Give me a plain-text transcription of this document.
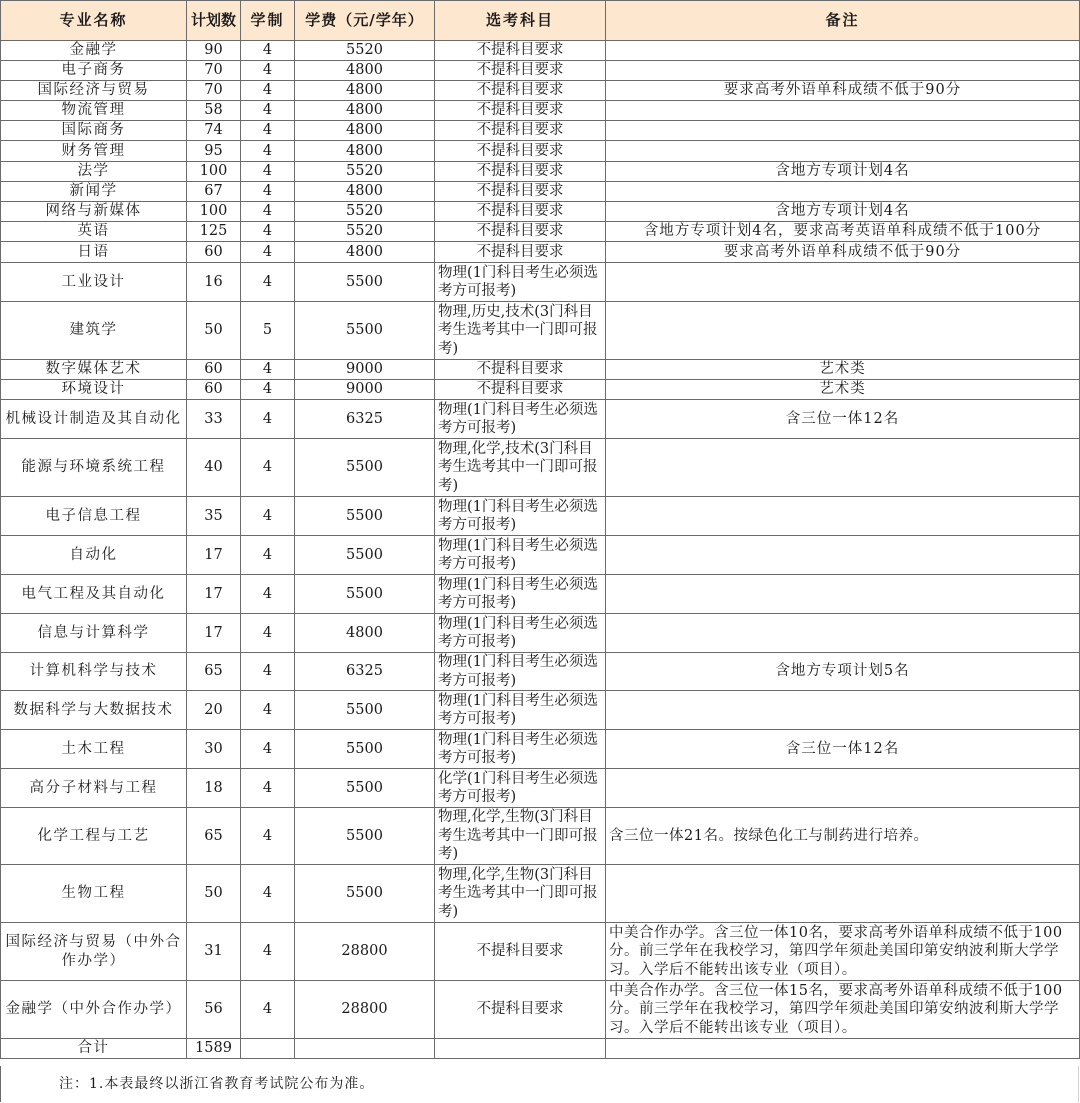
专业名称	计划数	学制	学费（元/学年）	选考科目	备注
金融学	90	4	5520	不提科目要求	
电子商务	70	4	4800	不提科目要求	
国际经济与贸易	70	4	4800	不提科目要求	要求高考外语单科成绩不低于90分
物流管理	58	4	4800	不提科目要求	
国际商务	74	4	4800	不提科目要求	
财务管理	95	4	4800	不提科目要求	
法学	100	4	5520	不提科目要求	含地方专项计划4名
新闻学	67	4	4800	不提科目要求	
网络与新媒体	100	4	5520	不提科目要求	含地方专项计划4名
英语	125	4	5520	不提科目要求	含地方专项计划4名，要求高考英语单科成绩不低于100分
日语	60	4	4800	不提科目要求	要求高考外语单科成绩不低于90分
工业设计	16	4	5500	物理(1门科目考生必须选考方可报考)	
建筑学	50	5	5500	物理,历史,技术(3门科目考生选考其中一门即可报考)	
数字媒体艺术	60	4	9000	不提科目要求	艺术类
环境设计	60	4	9000	不提科目要求	艺术类
机械设计制造及其自动化	33	4	6325	物理(1门科目考生必须选考方可报考)	含三位一体12名
能源与环境系统工程	40	4	5500	物理,化学,技术(3门科目考生选考其中一门即可报考)	
电子信息工程	35	4	5500	物理(1门科目考生必须选考方可报考)	
自动化	17	4	5500	物理(1门科目考生必须选考方可报考)	
电气工程及其自动化	17	4	5500	物理(1门科目考生必须选考方可报考)	
信息与计算科学	17	4	4800	物理(1门科目考生必须选考方可报考)	
计算机科学与技术	65	4	6325	物理(1门科目考生必须选考方可报考)	含地方专项计划5名
数据科学与大数据技术	20	4	5500	物理(1门科目考生必须选考方可报考)	
土木工程	30	4	5500	物理(1门科目考生必须选考方可报考)	含三位一体12名
高分子材料与工程	18	4	5500	化学(1门科目考生必须选考方可报考)	
化学工程与工艺	65	4	5500	物理,化学,生物(3门科目考生选考其中一门即可报考)	含三位一体21名。按绿色化工与制药进行培养。
生物工程	50	4	5500	物理,化学,生物(3门科目考生选考其中一门即可报考)	
国际经济与贸易（中外合作办学）	31	4	28800	不提科目要求	中美合作办学。含三位一体10名，要求高考外语单科成绩不低于100分。前三学年在我校学习，第四学年须赴美国印第安纳波利斯大学学习。入学后不能转出该专业（项目）。
金融学（中外合作办学）	56	4	28800	不提科目要求	中美合作办学。含三位一体15名，要求高考外语单科成绩不低于100分。前三学年在我校学习，第四学年须赴美国印第安纳波利斯大学学习。入学后不能转出该专业（项目）。
合计	1589				
注：1.本表最终以浙江省教育考试院公布为准。
